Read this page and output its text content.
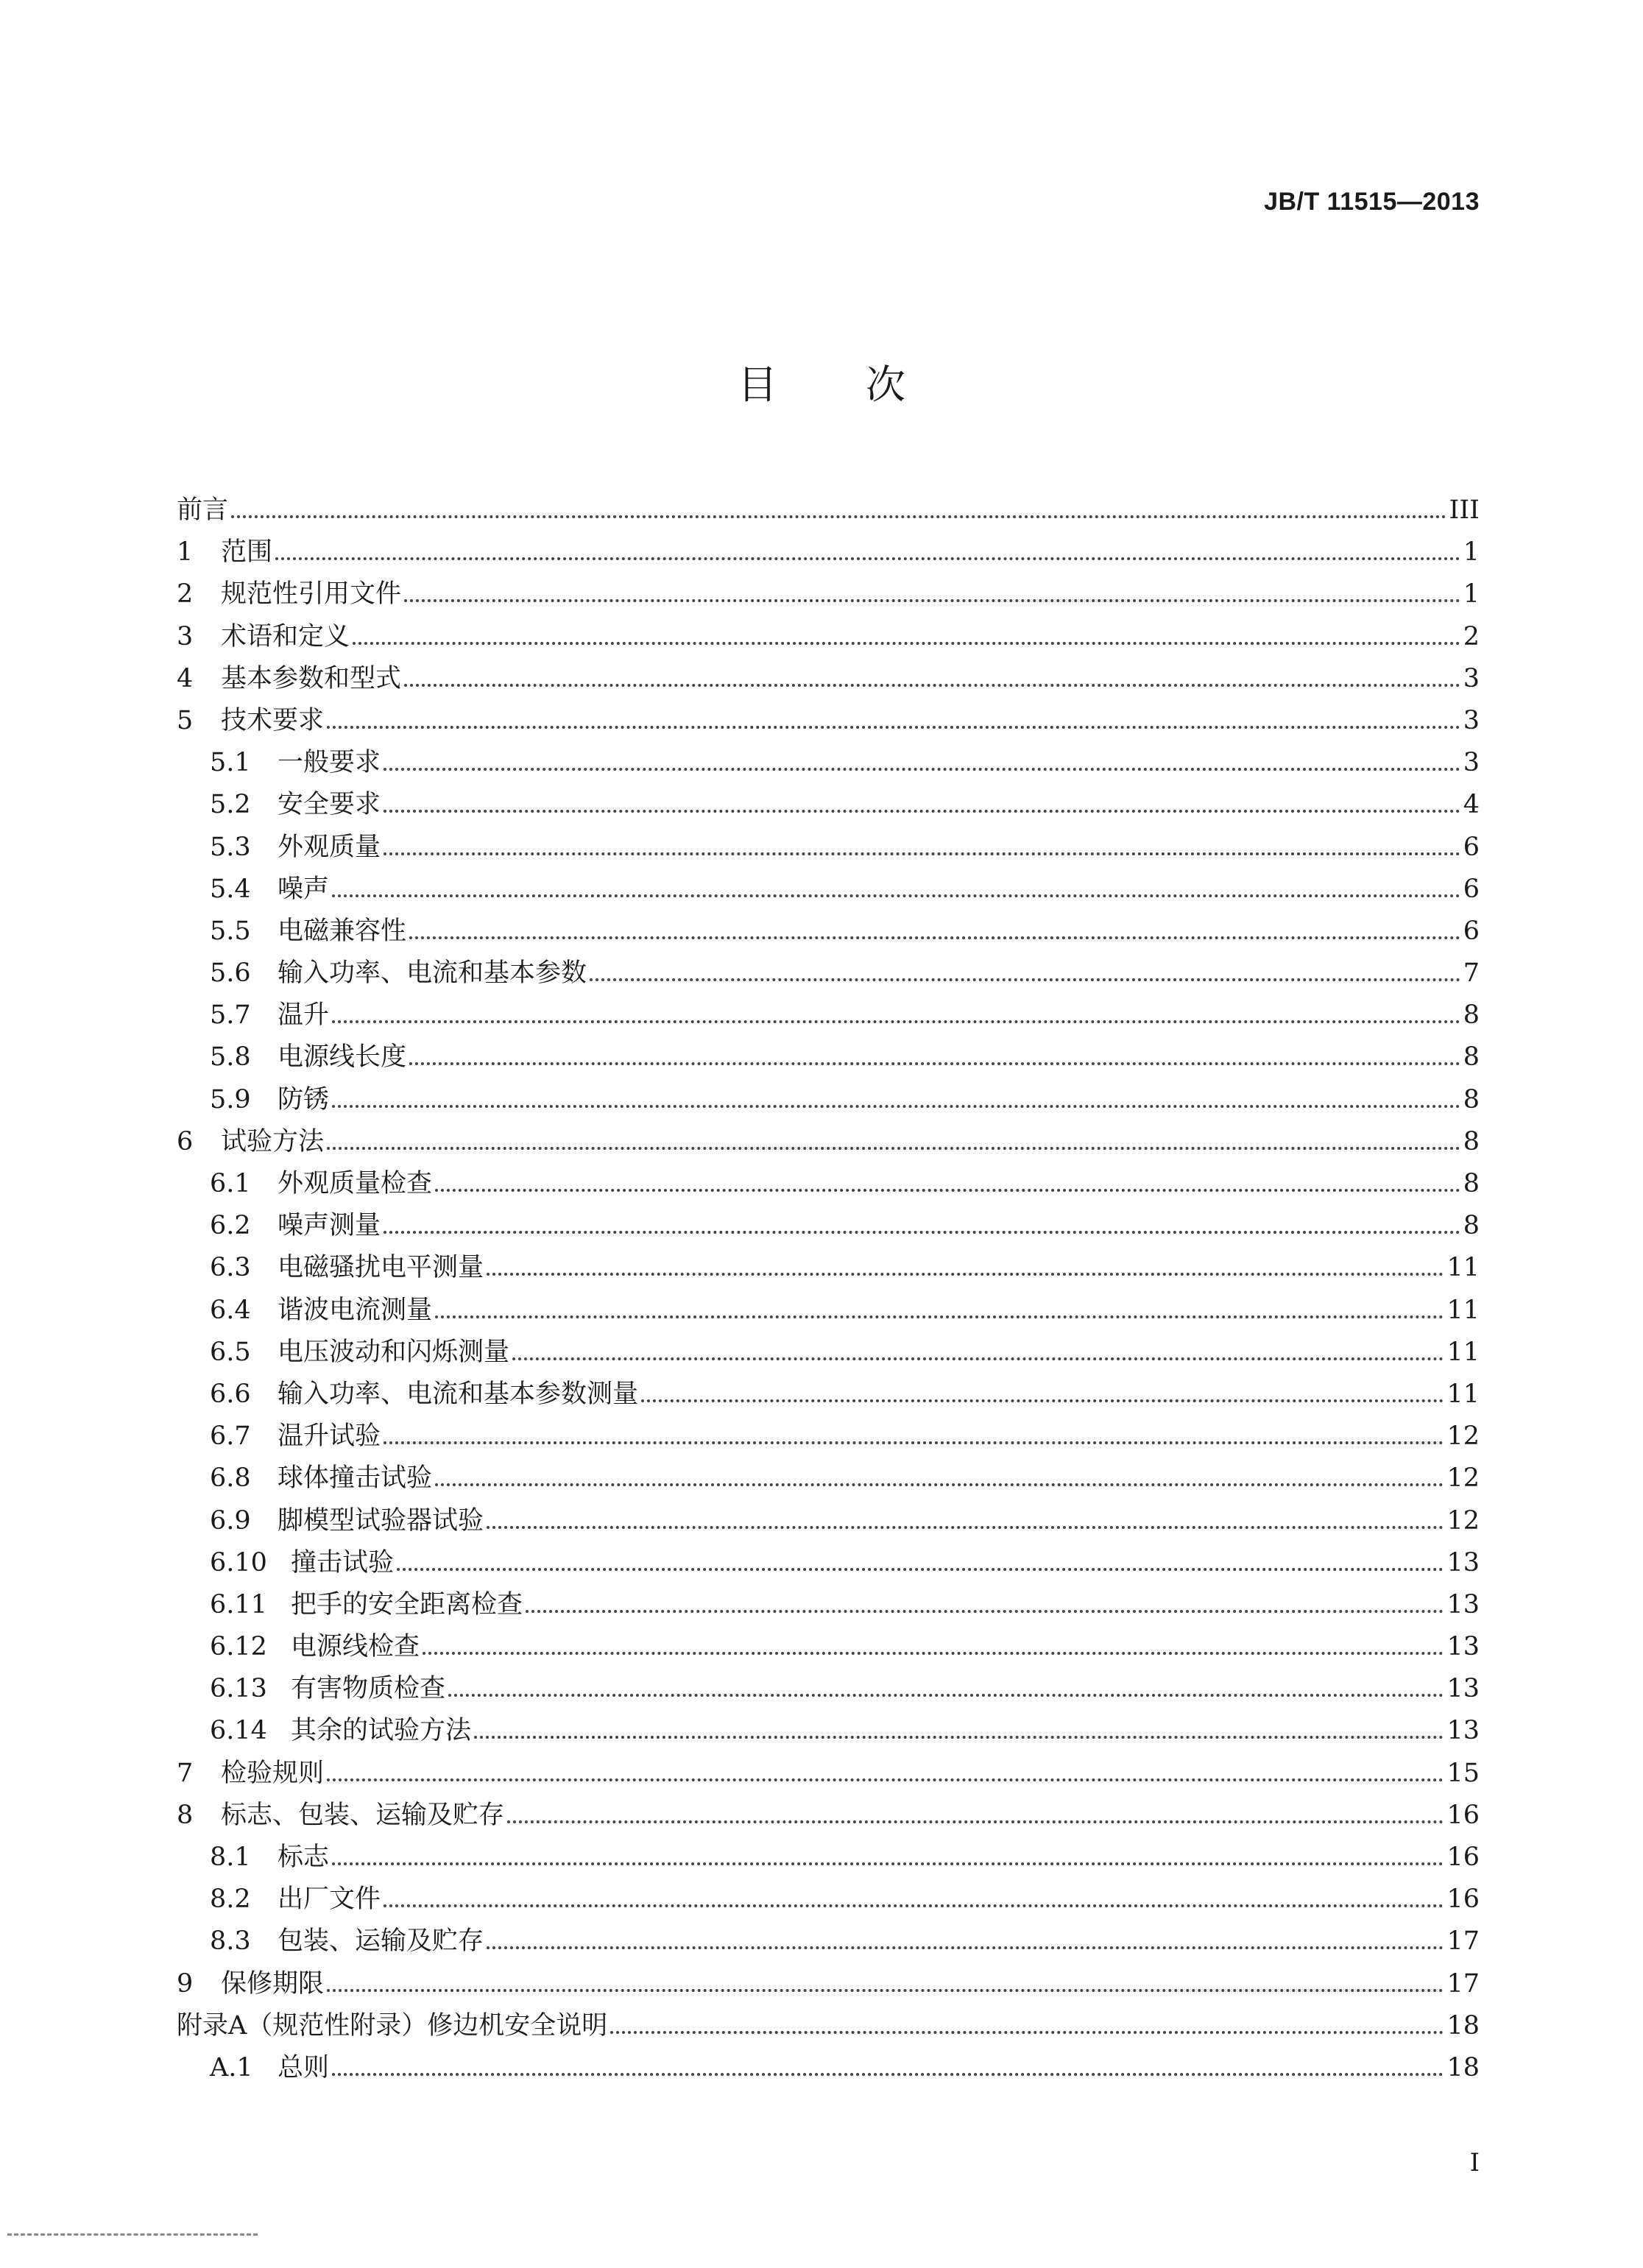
JB/T 11515—2013
目次
前言	III
1	范围	1
2	规范性引用文件	1
3	术语和定义	2
4	基本参数和型式	3
5	技术要求	3
5.1	一般要求	3
5.2	安全要求	4
5.3	外观质量	6
5.4	噪声	6
5.5	电磁兼容性	6
5.6	输入功率、电流和基本参数	7
5.7	温升	8
5.8	电源线长度	8
5.9	防锈	8
6	试验方法	8
6.1	外观质量检查	8
6.2	噪声测量	8
6.3	电磁骚扰电平测量	11
6.4	谐波电流测量	11
6.5	电压波动和闪烁测量	11
6.6	输入功率、电流和基本参数测量	11
6.7	温升试验	12
6.8	球体撞击试验	12
6.9	脚模型试验器试验	12
6.10 撞击试验	13
6.11 把手的安全距离检查	13
6.12 电源线检查	13
6.13 有害物质检查	13
6.14 其余的试验方法	13
7	检验规则	15
8	标志、包装、运输及贮存	16
8.1	标志	16
8.2	出厂文件	16
8.3	包装、运输及贮存	17
9	保修期限	17
附录A（规范性附录）修边机安全说明	18
A.1 总则	18
I
